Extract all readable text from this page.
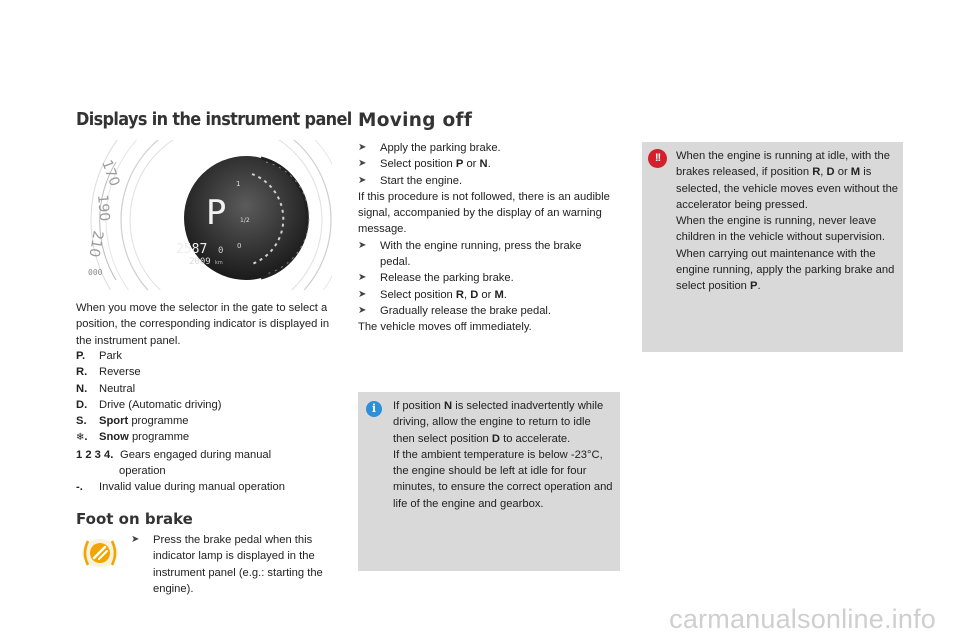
Displays in the instrument panel
170
190
210
000
1
1/2
0
P
2587 0
2009 km
When you move the selector in the gate to select a position, the corresponding indicator is displayed in the instrument panel.
P.	Park
R.	Reverse
N.	Neutral
D.	Drive (Automatic driving)
S.	Sport programme
❄.	Snow programme
1 2 3 4. Gears engaged during manual
operation
-.	Invalid value during manual operation
Foot on brake
➤	Press the brake pedal when this indicator lamp is displayed in the instrument panel (e.g.: starting the engine).
Moving off
➤	Apply the parking brake.
➤	Select position P or N.
➤	Start the engine.
If this procedure is not followed, there is an audible signal, accompanied by the display of an warning message.
➤	With the engine running, press the brake pedal.
➤	Release the parking brake.
➤	Select position R, D or M.
➤	Gradually release the brake pedal.
The vehicle moves off immediately.
i	If position N is selected inadvertently while driving, allow the engine to return to idle then select position D to accelerate.
If the ambient temperature is below -23°C, the engine should be left at idle for four minutes, to ensure the correct operation and life of the engine and gearbox.
!!	When the engine is running at idle, with the brakes released, if position R, D or M is selected, the vehicle moves even without the accelerator being pressed.
When the engine is running, never leave children in the vehicle without supervision.
When carrying out maintenance with the engine running, apply the parking brake and select position P.
carmanualsonline.info
